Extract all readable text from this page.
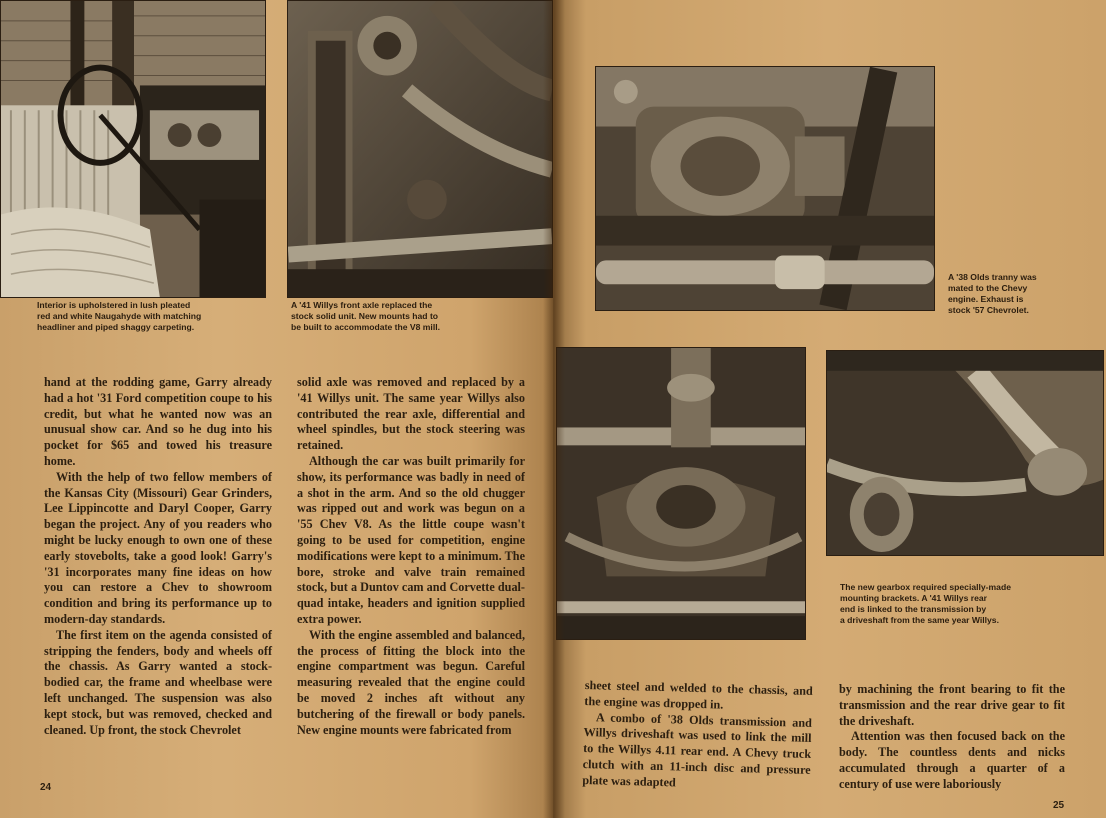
Interior is upholstered in lush pleated
red and white Naugahyde with matching
headliner and piped shaggy carpeting.
A '41 Willys front axle replaced the
stock solid unit. New mounts had to
be built to accommodate the V8 mill.

hand at the rodding game, Garry already had a hot '31 Ford competition coupe to his credit, but what he wanted now was an unusual show car. And so he dug into his pocket for $65 and towed his treasure home.

With the help of two fellow members of the Kansas City (Missouri) Gear Grinders, Lee Lippincotte and Daryl Cooper, Garry began the project. Any of you readers who might be lucky enough to own one of these early stovebolts, take a good look! Garry's '31 incorporates many fine ideas on how you can restore a Chev to showroom condition and bring its performance up to modern-day standards.

The first item on the agenda consisted of stripping the fenders, body and wheels off the chassis. As Garry wanted a stock-bodied car, the frame and wheelbase were left unchanged. The suspension was also kept stock, but was removed, checked and cleaned. Up front, the stock Chevrolet

solid axle was removed and replaced by a '41 Willys unit. The same year Willys also contributed the rear axle, differential and wheel spindles, but the stock steering was retained.

Although the car was built primarily for show, its performance was badly in need of a shot in the arm. And so the old chugger was ripped out and work was begun on a '55 Chev V8. As the little coupe wasn't going to be used for competition, engine modifications were kept to a minimum. The bore, stroke and valve train remained stock, but a Duntov cam and Corvette dual-quad intake, headers and ignition supplied extra power.

With the engine assembled and balanced, the process of fitting the block into the engine compartment was begun. Careful measuring revealed that the engine could be moved 2 inches aft without any butchering of the firewall or body panels. New engine mounts were fabricated from

24
A '38 Olds tranny was
mated to the Chevy
engine. Exhaust is
stock '57 Chevrolet.
The new gearbox required specially-made
mounting brackets. A '41 Willys rear
end is linked to the transmission by
a driveshaft from the same year Willys.

sheet steel and welded to the chassis, and the engine was dropped in.

A combo of '38 Olds transmission and Willys driveshaft was used to link the mill to the Willys 4.11 rear end. A Chevy truck clutch with an 11-inch disc and pressure plate was adapted

by machining the front bearing to fit the transmission and the rear drive gear to fit the driveshaft.

Attention was then focused back on the body. The countless dents and nicks accumulated through a quarter of a century of use were laboriously

25
